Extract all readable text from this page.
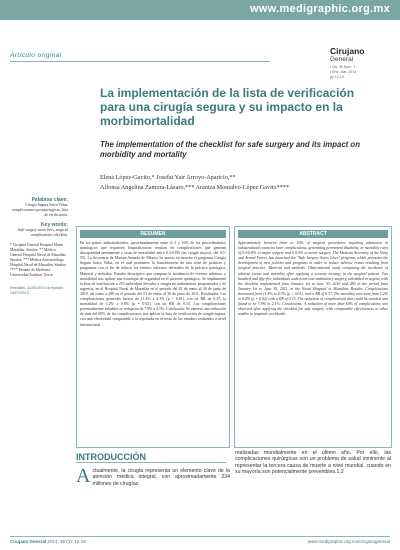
www.medigraphic.org.mx
Artículo original	Cirujano
General
• Vol. 36 Núm. 1
• Ene.-Mar. 2014
pp 12-18
La implementación de la lista de verificación para una cirugía segura y su impacto en la morbimortalidad
The implementation of the checklist for safe surgery and its impact on morbidity and mortality
Elena López-Gavito,* Josefat Yair Arroyo-Aparicio,**
Alfonsa Angelina Zamora-Lázaro,*** Arantza Montalvo-López Gavito****
Palabras clave:
Cirugía Segura Salva Vidas, complicaciones postquirúrgicas, lista de verificación.
Key words:
Safe surgery saves lives, surgical complications, checklist.
* Cirujana General Hospital Marín Mazatlán, Sinaloa. ** Médico General Hospital Naval de Mazatlán, Sinaloa. *** Médica Anestesióloga Hospital Naval de Mazatlán, Sinaloa. **** Pasante de Medicina, Universidad Anáhuac Norte.
Recibido: 31/05/2013 Aceptado: 19/07/2013
RESUMEN
En los países industrializados, aproximadamente entre el 3 y 16% de los procedimientos quirúrgicos que requieren hospitalización resultan en complicaciones que generan discapacidad permanente o tasas de mortalidad entre 0.4-0.8% (en cirugía mayor), del 0.5-5%. La Secretaría de Marina-Armada de México ha puesto en marcha el programa Cirugía Segura Salva Vidas, en el cual promueve la formalización de una serie de políticas y programas con el fin de reducir los eventos adversos derivados de la práctica quirúrgica. Material y métodos: Estudio descriptivo que compara la incidencia de eventos adversos y mortalidad tras aplicar una estrategia de seguridad en el paciente quirúrgico. Se implementó la lista de verificación a 255 individuos llevados a cirugía no ambulatoria, programados o de urgencia, en el Hospital Naval de Mazatlán en el periodo del 01 de enero al 30 de junio de 2010, así como a 280 en el periodo del 01 de enero al 30 de junio de 2011. Resultados: Las complicaciones generales fueron de 11.4% a 4.3% (p < 0.01), con un RR de 0.37; la mortalidad de 1.2% a 0.0% (p = 0.02), con un RR de 0.15. Las complicaciones potencialmente evitables se redujeron de 7.8% a 2.1%. Conclusión: Se observó una reducción de más del 60% de las complicaciones tras aplicar la lista de verificación de cirugía segura, con una efectividad comparable a la reportada en el resto de los estudios realizados a nivel internacional.
ABSTRACT
Approximately between three to 16% of surgical procedures requiring admission in industrialized countries have complications, generating permanent disability, or mortality rates of 0.4-0.8% in major surgery and 0.5-5% in minor surgery. The Mexican Secretary of the Navy and Armed Forces has launched the "Safe Surgery Saves Lives" program, which promotes the development of new policies and programs in order to reduce adverse events resulting from surgical practice. Material and methods: Observational study comparing the incidence of adverse events and mortality after applying a security strategy in the surgical patient. Two hundred and fifty-five individuals underwent non-ambulatory surgery, scheduled or urgent, with the checklist implemented from January 1st to June 30, 2010 and 280 in the period from January 1st to June 30, 2011, at the Naval Hospital in Mazatlán. Results: Complications decreased from 11.4% to 4.3% (p < 0.01), with a RR of 0.37. The mortality rate went from 1.2% to 0.0% (p = 0.02) with a RR of 0.15. The reduction of complications that could be avoided was found to be 7.8% to 2.1%. Conclusions: A reduction of more than 60% of complications was observed after applying the checklist for safe surgery, with comparable effectiveness to other studies in hospitals worldwide.
INTRODUCCIÓN
A ctualmente, la cirugía representa un elemento clave de la atención médica integral, con aproximadamente 234 millones de cirugías
realizadas mundialmente en el último año. Por ello, las complicaciones quirúrgicas son un problema de salud inminente al representar la tercera causa de muerte a nivel mundial, cuando en su mayoría son potencialmente prevenibles.1,2
Cirujano General 2014; 36 (1): 12-18	www.medigraphic.org.mx/cirujanogeneral
